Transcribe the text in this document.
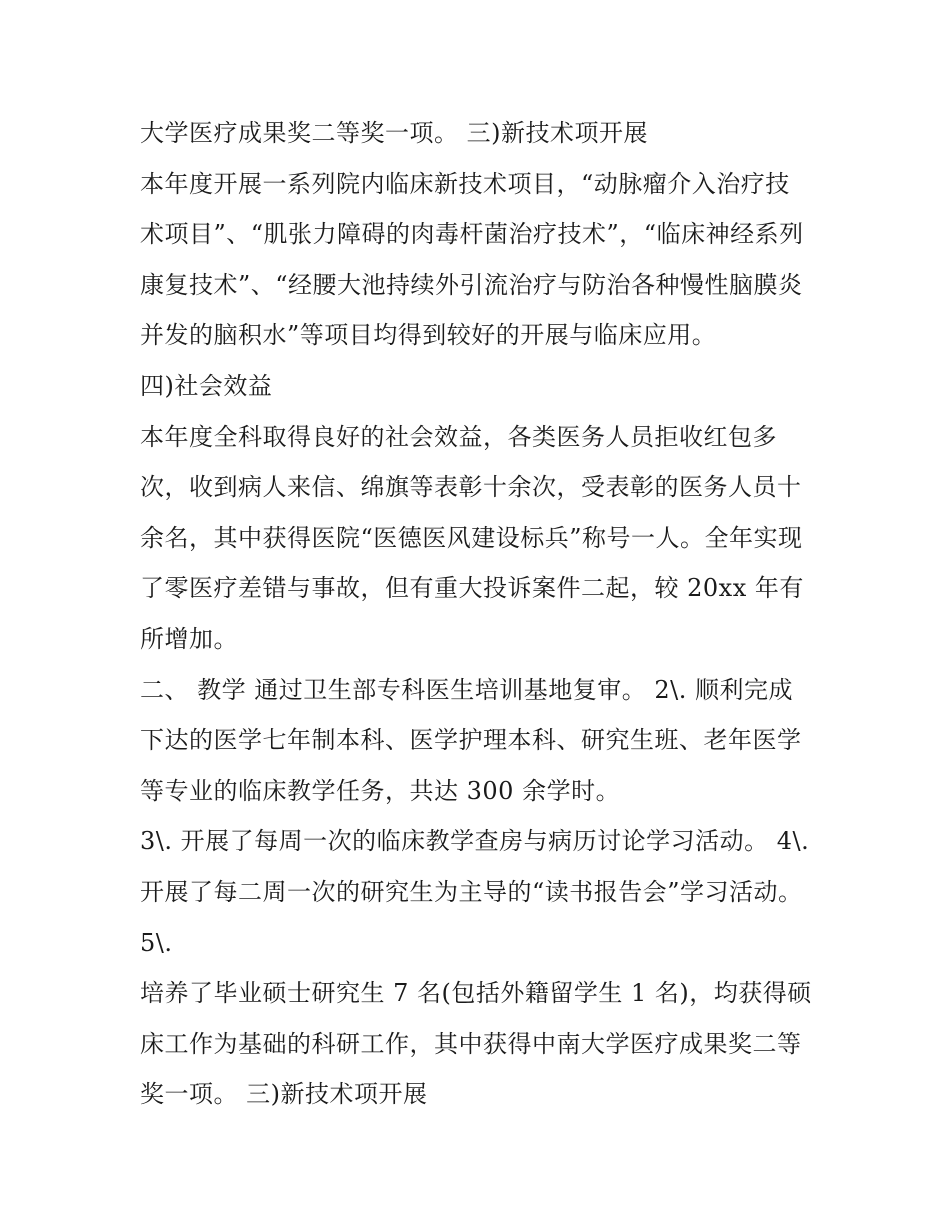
大学医疗成果奖二等奖一项。 三)新技术项开展
本年度开展一系列院内临床新技术项目，“动脉瘤介入治疗技
术项目”、“肌张力障碍的肉毒杆菌治疗技术”，“临床神经系列
康复技术”、“经腰大池持续外引流治疗与防治各种慢性脑膜炎
并发的脑积水”等项目均得到较好的开展与临床应用。
四)社会效益
本年度全科取得良好的社会效益，各类医务人员拒收红包多
次，收到病人来信、绵旗等表彰十余次，受表彰的医务人员十
余名，其中获得医院“医德医风建设标兵”称号一人。全年实现
了零医疗差错与事故，但有重大投诉案件二起，较 20xx 年有
所增加。
二、 教学 通过卫生部专科医生培训基地复审。 2\. 顺利完成
下达的医学七年制本科、医学护理本科、研究生班、老年医学
等专业的临床教学任务，共达 300 余学时。
3\. 开展了每周一次的临床教学查房与病历讨论学习活动。 4\.
开展了每二周一次的研究生为主导的“读书报告会”学习活动。
5\.
培养了毕业硕士研究生 7 名(包括外籍留学生 1 名)，均获得硕
床工作为基础的科研工作，其中获得中南大学医疗成果奖二等
奖一项。 三)新技术项开展
